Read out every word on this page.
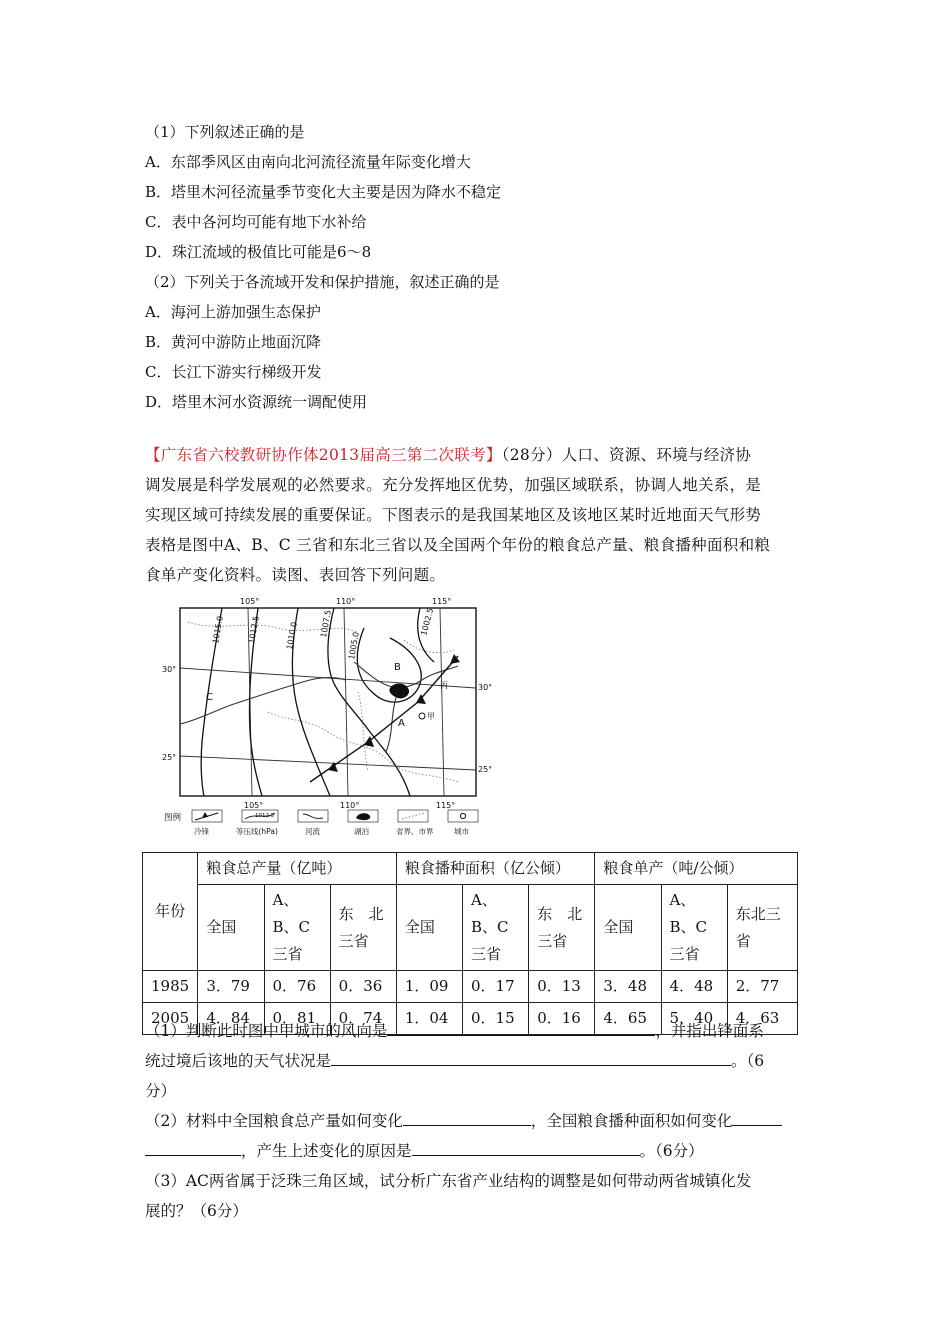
（1）下列叙述正确的是
A．东部季风区由南向北河流径流量年际变化增大
B．塔里木河径流量季节变化大主要是因为降水不稳定
C．表中各河均可能有地下水补给
D．珠江流域的极值比可能是6～8
（2）下列关于各流域开发和保护措施，叙述正确的是
A．海河上游加强生态保护
B．黄河中游防止地面沉降
C．长江下游实行梯级开发
D．塔里木河水资源统一调配使用
【广东省六校教研协作体2013届高三第二次联考】（28分）人口、资源、环境与经济协
调发展是科学发展观的必然要求。充分发挥地区优势，加强区域联系，协调人地关系，是
实现区域可持续发展的重要保证。下图表示的是我国某地区及该地区某时近地面天气形势
表格是图中A、B、C 三省和东北三省以及全国两个年份的粮食总产量、粮食播种面积和粮
食单产变化资料。读图、表回答下列问题。
105°	110°	115°
105°	110°	115°
30°
25°
30°
25°
1015.0	1012.5	1010.0	1007.5
1005.0
1002.5
C
B
A
甲
丙
图例	1012.5
冷锋	等压线(hPa)	河流	湖泊	省界、市界	城市
年份	粮食总产量（亿吨）			粮食播种面积（亿公倾）			粮食单产（吨/公倾）		
	全国	A、B、C三省	东　北三省	全国	A、B、C三省	东　北三省	全国	A、B、C三省	东北三省
1985	3．79	0．76	0．36	1．09	0．17	0．13	3．48	4．48	2．77
2005	4．84	0．81	0．74	1．04	0．15	0．16	4．65	5．40	4．63
（1）判断此时图中甲城市的风向是	，并指出锋面系
统过境后该地的天气状况是	。（6
分）
（2）材料中全国粮食总产量如何变化	，全国粮食播种面积如何变化
，产生上述变化的原因是	。（6分）
（3）AC两省属于泛珠三角区域，试分析广东省产业结构的调整是如何带动两省城镇化发
展的？（6分）
